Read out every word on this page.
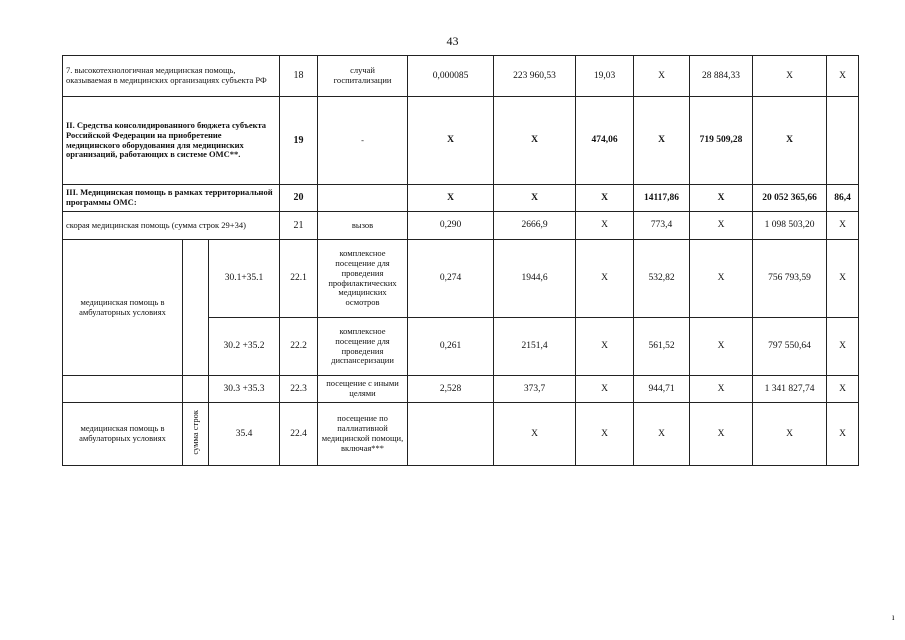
43
7. высокотехнологичная медицинская помощь, оказываемая в медицинских организациях субъекта РФ			18	случай госпитализации	0,000085	223 960,53	19,03	X	28 884,33	X	X
II. Средства консолидированного бюджета субъекта Российской Федерации на приобретение медицинского оборудования для медицинских организаций, работающих в системе ОМС**.			19	-	X	X	474,06	X	719 509,28	X	
III. Медицинская помощь в рамках территориальной программы ОМС:			20		X	X	X	14117,86	X	20 052 365,66	86,4
скорая медицинская помощь (сумма строк 29+34)			21	вызов	0,290	2666,9	X	773,4	X	1 098 503,20	X
медицинская помощь в амбулаторных условиях		30.1+35.1	22.1	комплексное посещение для проведения профилактических медицинских осмотров	0,274	1944,6	X	532,82	X	756 793,59	X
		30.2 +35.2	22.2	комплексное посещение для проведения диспансеризации	0,261	2151,4	X	561,52	X	797 550,64	X
		30.3 +35.3	22.3	посещение с иными целями	2,528	373,7	X	944,71	X	1 341 827,74	X
медицинская помощь в амбулаторных условиях	сумма строк	35.4	22.4	посещение по паллиативной медицинской помощи, включая***		X	X	X	X	X	X
ı
